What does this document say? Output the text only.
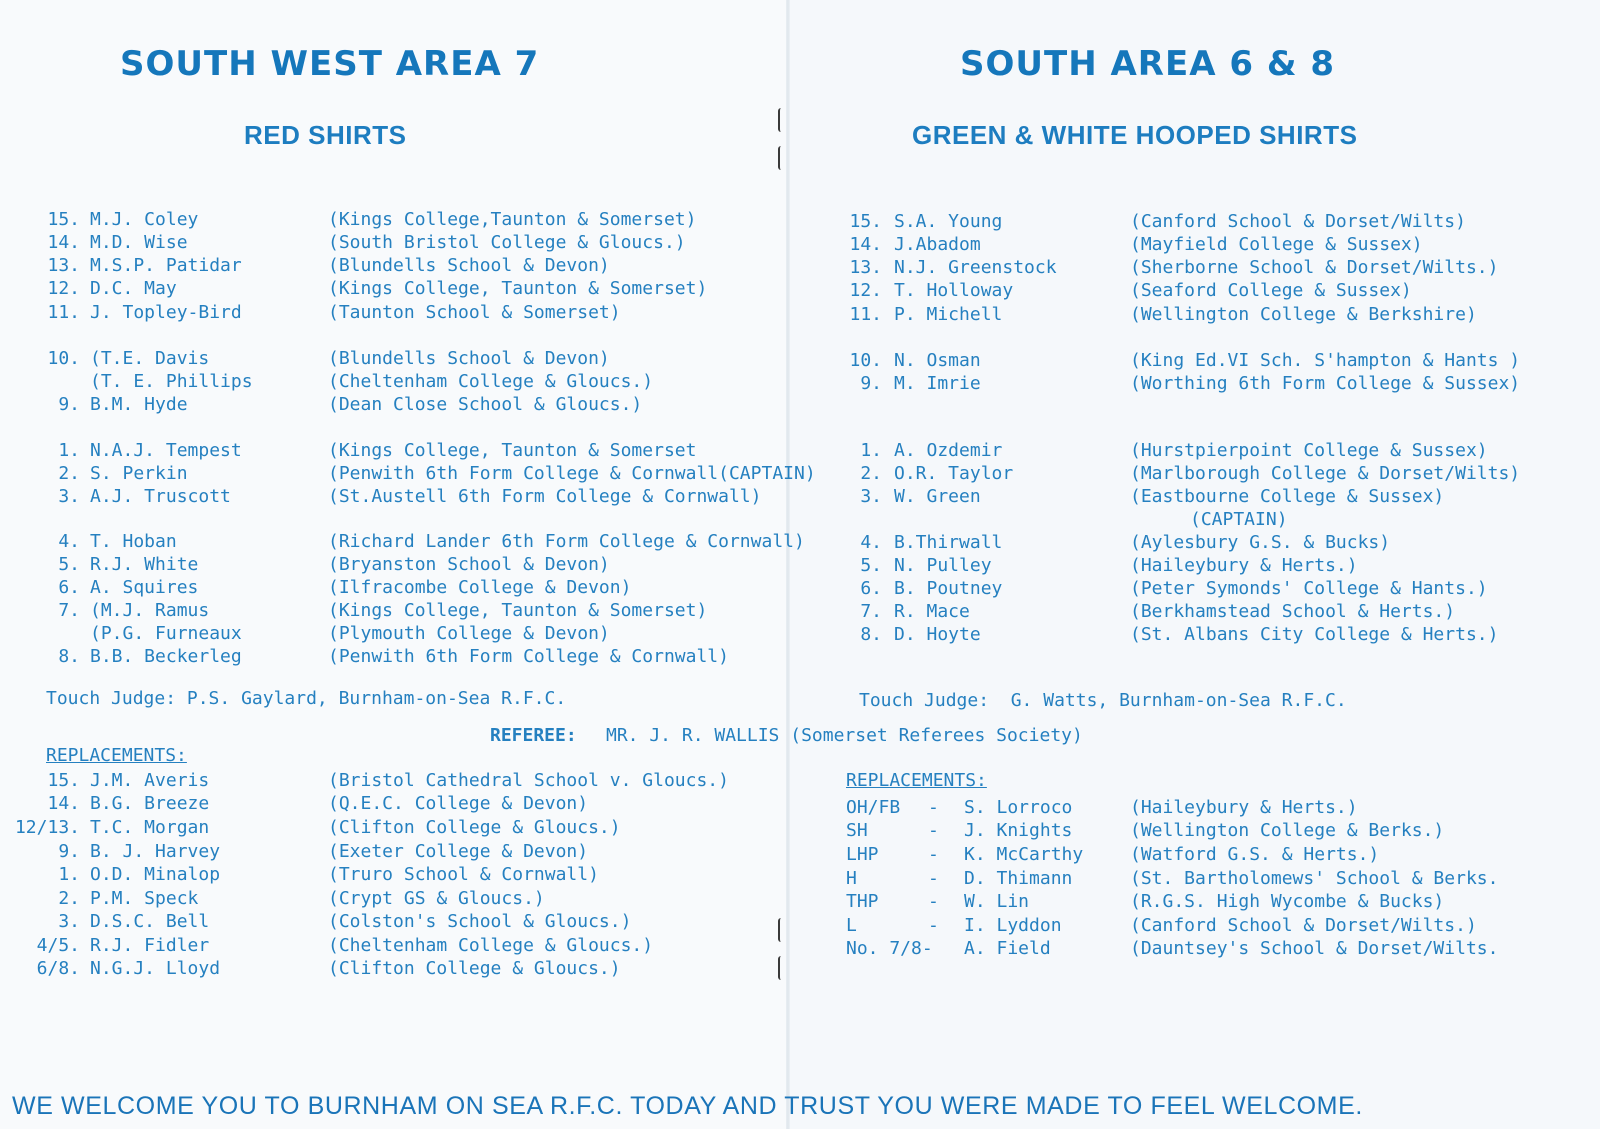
SOUTH WEST AREA 7
RED SHIRTS
SOUTH AREA 6 & 8
GREEN & WHITE HOOPED SHIRTS
15. M.J. Coley	(Kings College,Taunton & Somerset)
14. M.D. Wise	(South Bristol College & Gloucs.)
13. M.S.P. Patidar	(Blundells School & Devon)
12. D.C. May	(Kings College, Taunton & Somerset)
11. J. Topley-Bird	(Taunton School & Somerset)
10. (T.E. Davis	(Blundells School & Devon)
(T. E. Phillips	(Cheltenham College & Gloucs.)
9. B.M. Hyde	(Dean Close School & Gloucs.)
1. N.A.J. Tempest	(Kings College, Taunton & Somerset
2. S. Perkin	(Penwith 6th Form College & Cornwall(CAPTAIN)
3. A.J. Truscott	(St.Austell 6th Form College & Cornwall)
4. T. Hoban	(Richard Lander 6th Form College & Cornwall)
5. R.J. White	(Bryanston School & Devon)
6. A. Squires	(Ilfracombe College & Devon)
7. (M.J. Ramus	(Kings College, Taunton & Somerset)
(P.G. Furneaux	(Plymouth College & Devon)
8. B.B. Beckerleg	(Penwith 6th Form College & Cornwall)
15. J.M. Averis	(Bristol Cathedral School v. Gloucs.)
14. B.G. Breeze	(Q.E.C. College & Devon)
12/13. T.C. Morgan	(Clifton College & Gloucs.)
9. B. J. Harvey	(Exeter College & Devon)
1. O.D. Minalop	(Truro School & Cornwall)
2. P.M. Speck	(Crypt GS & Gloucs.)
3. D.S.C. Bell	(Colston's School & Gloucs.)
4/5. R.J. Fidler	(Cheltenham College & Gloucs.)
6/8. N.G.J. Lloyd	(Clifton College & Gloucs.)
15. S.A. Young	(Canford School & Dorset/Wilts)
14. J.Abadom	(Mayfield College & Sussex)
13. N.J. Greenstock	(Sherborne School & Dorset/Wilts.)
12. T. Holloway	(Seaford College & Sussex)
11. P. Michell	(Wellington College & Berkshire)
10. N. Osman	(King Ed.VI Sch. S'hampton & Hants )
9. M. Imrie	(Worthing 6th Form College & Sussex)
1. A. Ozdemir	(Hurstpierpoint College & Sussex)
2. O.R. Taylor	(Marlborough College & Dorset/Wilts)
3. W. Green	(Eastbourne College & Sussex)
(CAPTAIN)
4. B.Thirwall	(Aylesbury G.S. & Bucks)
5. N. Pulley	(Haileybury & Herts.)
6. B. Poutney	(Peter Symonds' College & Hants.)
7. R. Mace	(Berkhamstead School & Herts.)
8. D. Hoyte	(St. Albans City College & Herts.)
OH/FB - S. Lorroco	(Haileybury & Herts.)
SH	- J. Knights	(Wellington College & Berks.)
LHP	- K. McCarthy	(Watford G.S. & Herts.)
H	- D. Thimann	(St. Bartholomews' School & Berks.
THP	- W. Lin	(R.G.S. High Wycombe & Bucks)
L	- I. Lyddon	(Canford School & Dorset/Wilts.)
No. 7/8- A. Field	(Dauntsey's School & Dorset/Wilts.
Touch Judge: P.S. Gaylard, Burnham-on-Sea R.F.C.	Touch Judge:  G. Watts, Burnham-on-Sea R.F.C.
REFEREE: MR. J. R. WALLIS (Somerset Referees Society)
REPLACEMENTS:
REPLACEMENTS:

WE WELCOME YOU TO BURNHAM ON SEA R.F.C. TODAY AND TRUST YOU WERE MADE TO FEEL WELCOME.
